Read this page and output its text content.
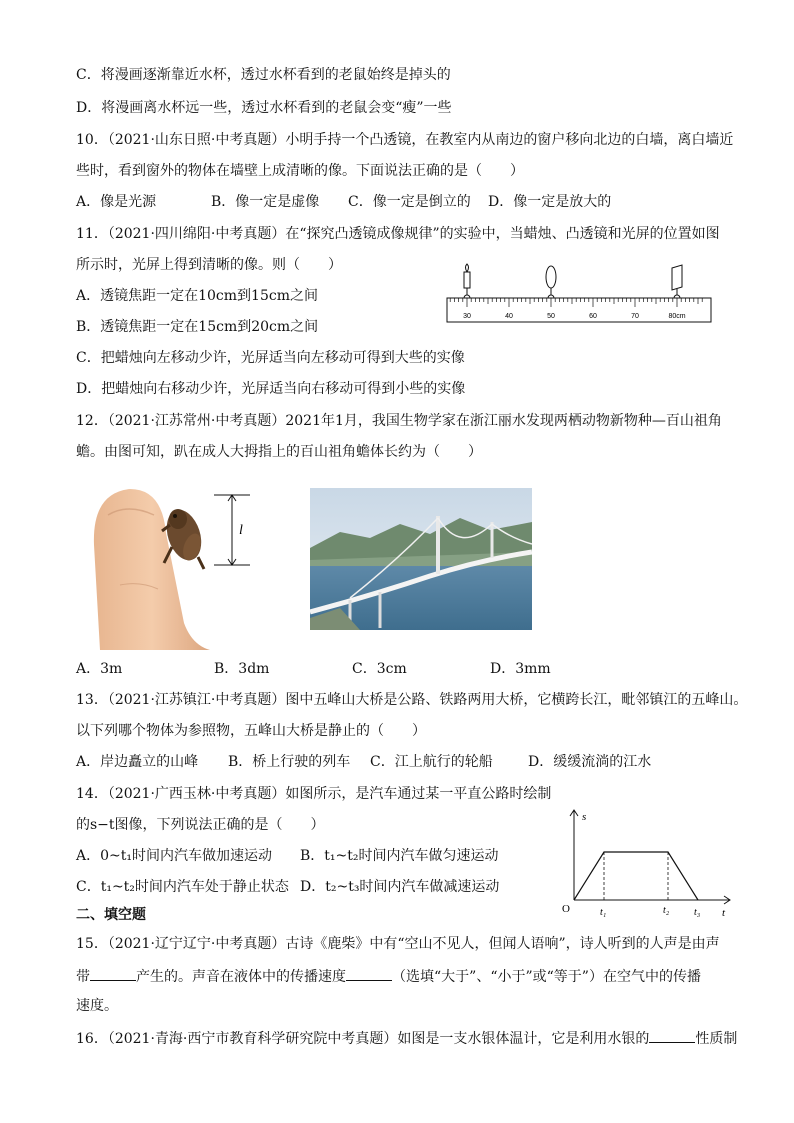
C．将漫画逐渐靠近水杯，透过水杯看到的老鼠始终是掉头的
D．将漫画离水杯远一些，透过水杯看到的老鼠会变“瘦”一些
10．（2021·山东日照·中考真题）小明手持一个凸透镜，在教室内从南边的窗户移向北边的白墙，离白墙近
些时，看到窗外的物体在墙壁上成清晰的像。下面说法正确的是（　　）
A．像是光源	B．像一定是虚像 C．像一定是倒立的 D．像一定是放大的
11．（2021·四川绵阳·中考真题）在“探究凸透镜成像规律”的实验中，当蜡烛、凸透镜和光屏的位置如图
所示时，光屏上得到清晰的像。则（　　）
A．透镜焦距一定在10cm到15cm之间
B．透镜焦距一定在15cm到20cm之间
C．把蜡烛向左移动少许，光屏适当向左移动可得到大些的实像
D．把蜡烛向右移动少许，光屏适当向右移动可得到小些的实像
30	40	50	60	70	80cm
12．（2021·江苏常州·中考真题）2021年1月，我国生物学家在浙江丽水发现两栖动物新物种—百山祖角
蟾。由图可知，趴在成人大拇指上的百山祖角蟾体长约为（　　）
l
A．3m	B．3dm	C．3cm	D．3mm
13．（2021·江苏镇江·中考真题）图中五峰山大桥是公路、铁路两用大桥，它横跨长江，毗邻镇江的五峰山。
以下列哪个物体为参照物，五峰山大桥是静止的（　　）
A．岸边矗立的山峰 B．桥上行驶的列车 C．江上航行的轮船	D．缓缓流淌的江水
14．（2021·广西玉林·中考真题）如图所示，是汽车通过某一平直公路时绘制
的s−t图像，下列说法正确的是（　　）
A．0~t₁时间内汽车做加速运动 B．t₁~t₂时间内汽车做匀速运动
C．t₁~t₂时间内汽车处于静止状态 D．t₂~t₃时间内汽车做减速运动
s
t
O	t₁	t₂ t₃
二、填空题
15．（2021·辽宁辽宁·中考真题）古诗《鹿柴》中有“空山不见人，但闻人语响”，诗人听到的人声是由声
带	产生的。声音在液体中的传播速度	（选填“大于”、“小于”或“等于”）在空气中的传播
速度。
16．（2021·青海·西宁市教育科学研究院中考真题）如图是一支水银体温计，它是利用水银的	性质制
